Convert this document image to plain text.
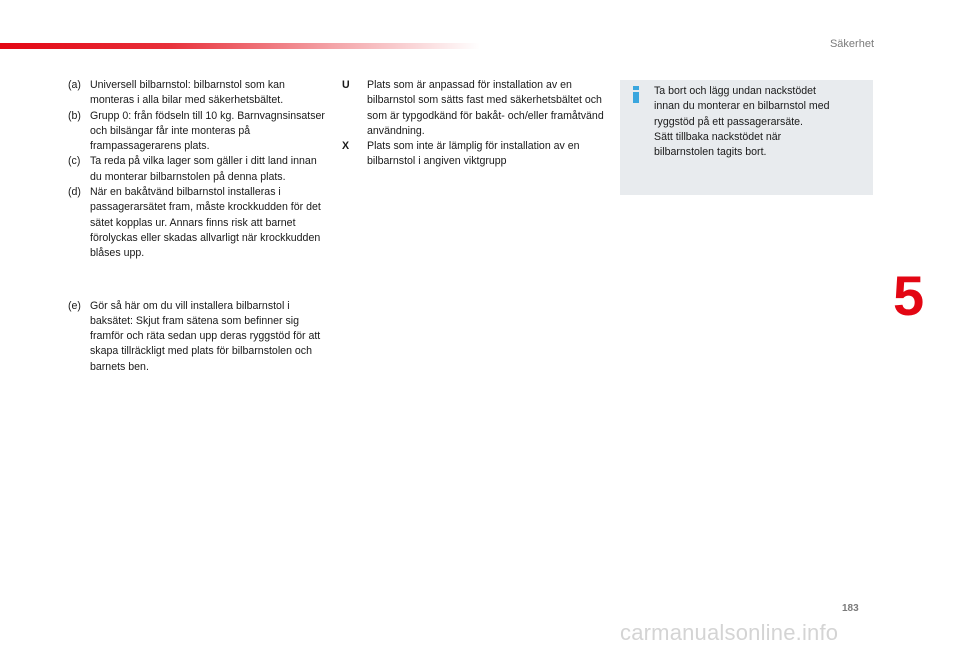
Säkerhet
(a) Universell bilbarnstol: bilbarnstol som kan monteras i alla bilar med säkerhetsbältet.
(b) Grupp 0: från födseln till 10 kg. Barnvagnsinsatser och bilsängar får inte monteras på frampassagerarens plats.
(c) Ta reda på vilka lager som gäller i ditt land innan du monterar bilbarnstolen på denna plats.
(d) När en bakåtvänd bilbarnstol installeras i passagerarsätet fram, måste krockkudden för det sätet kopplas ur. Annars finns risk att barnet förolyckas eller skadas allvarligt när krockkudden blåses upp.
(e) Gör så här om du vill installera bilbarnstol i baksätet: Skjut fram sätena som befinner sig framför och räta sedan upp deras ryggstöd för att skapa tillräckligt med plats för bilbarnstolen och barnets ben.
U	Plats som är anpassad för installation av en bilbarnstol som sätts fast med säkerhetsbältet och som är typgodkänd för bakåt- och/eller framåtvänd användning.
X	Plats som inte är lämplig för installation av en bilbarnstol i angiven viktgrupp
Ta bort och lägg undan nackstödet
innan du monterar en bilbarnstol med
ryggstöd på ett passagerarsäte.
Sätt tillbaka nackstödet när
bilbarnstolen tagits bort.
5
183
carmanualsonline.info
